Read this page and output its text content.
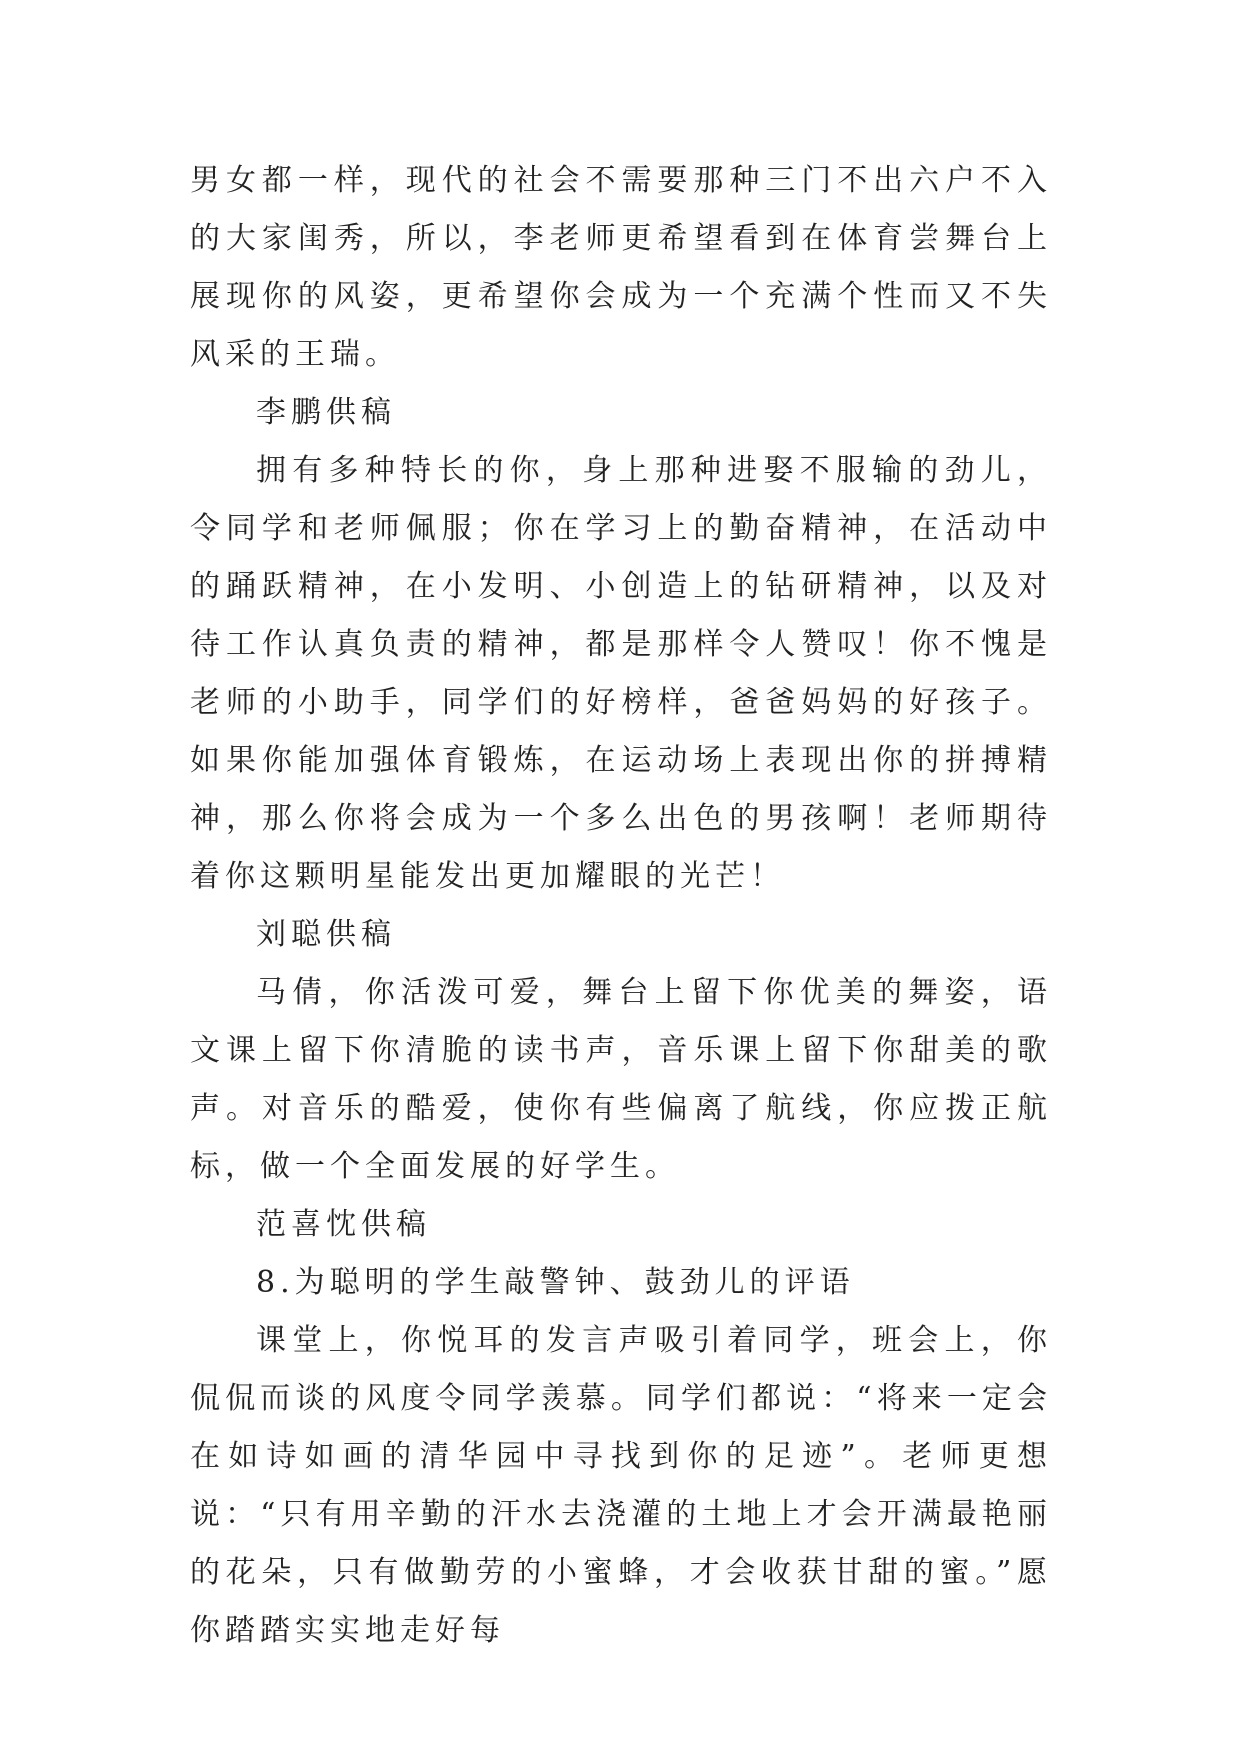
男女都一样，现代的社会不需要那种三门不出六户不入的大家闺秀，所以，李老师更希望看到在体育尝舞台上展现你的风姿，更希望你会成为一个充满个性而又不失风采的王瑞。

李鹏供稿

拥有多种特长的你，身上那种进娶不服输的劲儿，令同学和老师佩服；你在学习上的勤奋精神，在活动中的踊跃精神，在小发明、小创造上的钻研精神，以及对待工作认真负责的精神，都是那样令人赞叹！你不愧是老师的小助手，同学们的好榜样，爸爸妈妈的好孩子。如果你能加强体育锻炼，在运动场上表现出你的拼搏精神，那么你将会成为一个多么出色的男孩啊！老师期待着你这颗明星能发出更加耀眼的光芒！

刘聪供稿

马倩，你活泼可爱，舞台上留下你优美的舞姿，语文课上留下你清脆的读书声，音乐课上留下你甜美的歌声。对音乐的酷爱，使你有些偏离了航线，你应拨正航标，做一个全面发展的好学生。

范喜忱供稿

8.为聪明的学生敲警钟、鼓劲儿的评语

课堂上，你悦耳的发言声吸引着同学，班会上，你侃侃而谈的风度令同学羡慕。同学们都说：“将来一定会在如诗如画的清华园中寻找到你的足迹”。老师更想说：“只有用辛勤的汗水去浇灌的土地上才会开满最艳丽的花朵，只有做勤劳的小蜜蜂，才会收获甘甜的蜜。”愿你踏踏实实地走好每
